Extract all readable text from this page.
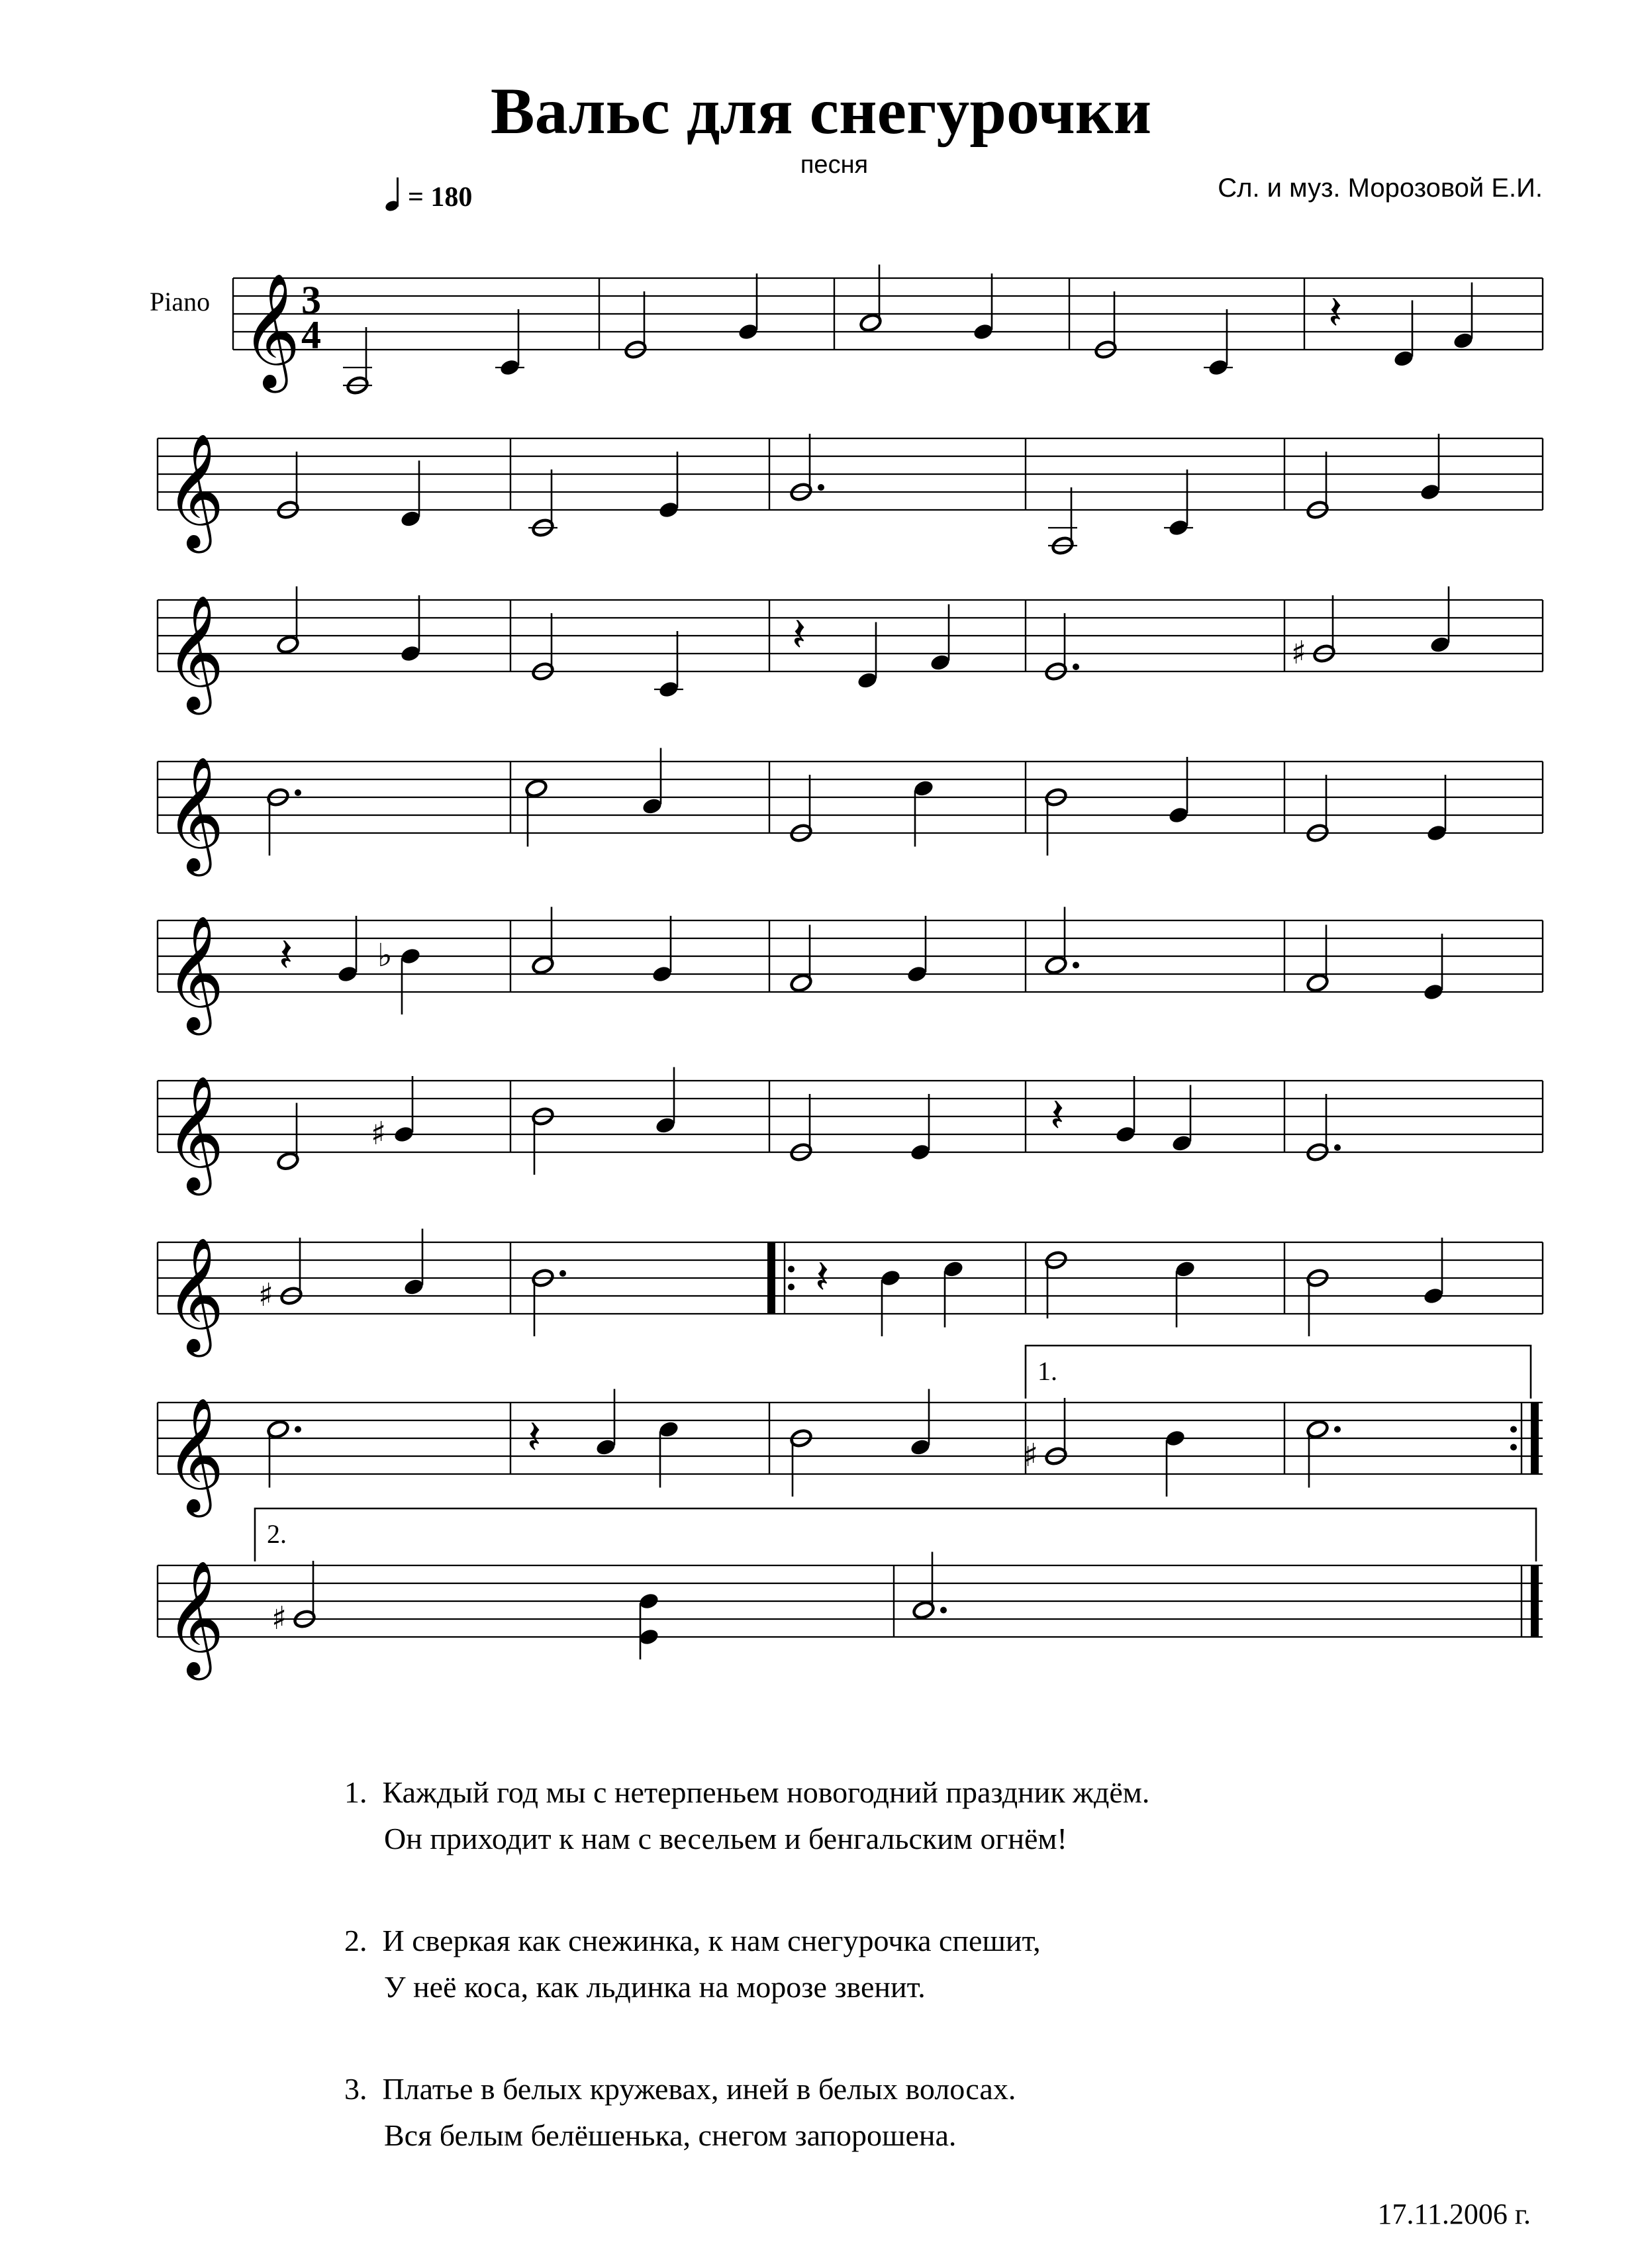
Вальс для снегурочки
песня
Сл. и муз. Морозовой Е.И.
= 180
Piano 𝄞 3
4	𝄽
𝄞
𝄞	𝄽	♯
𝄞
𝄞 𝄽	♭
𝄞	♯	𝄽
𝄞 ♯	𝄽
𝄞	𝄽	♯
𝄞 ♯
1.
2.
1. Каждый год мы с нетерпеньем новогодний праздник ждём.
Он приходит к нам с весельем и бенгальским огнём!
2. И сверкая как снежинка, к нам снегурочка спешит,
У неё коса, как льдинка на морозе звенит.
3. Платье в белых кружевах, иней в белых волосах.
Вся белым белёшенька, снегом запорошена.
17.11.2006 г.
